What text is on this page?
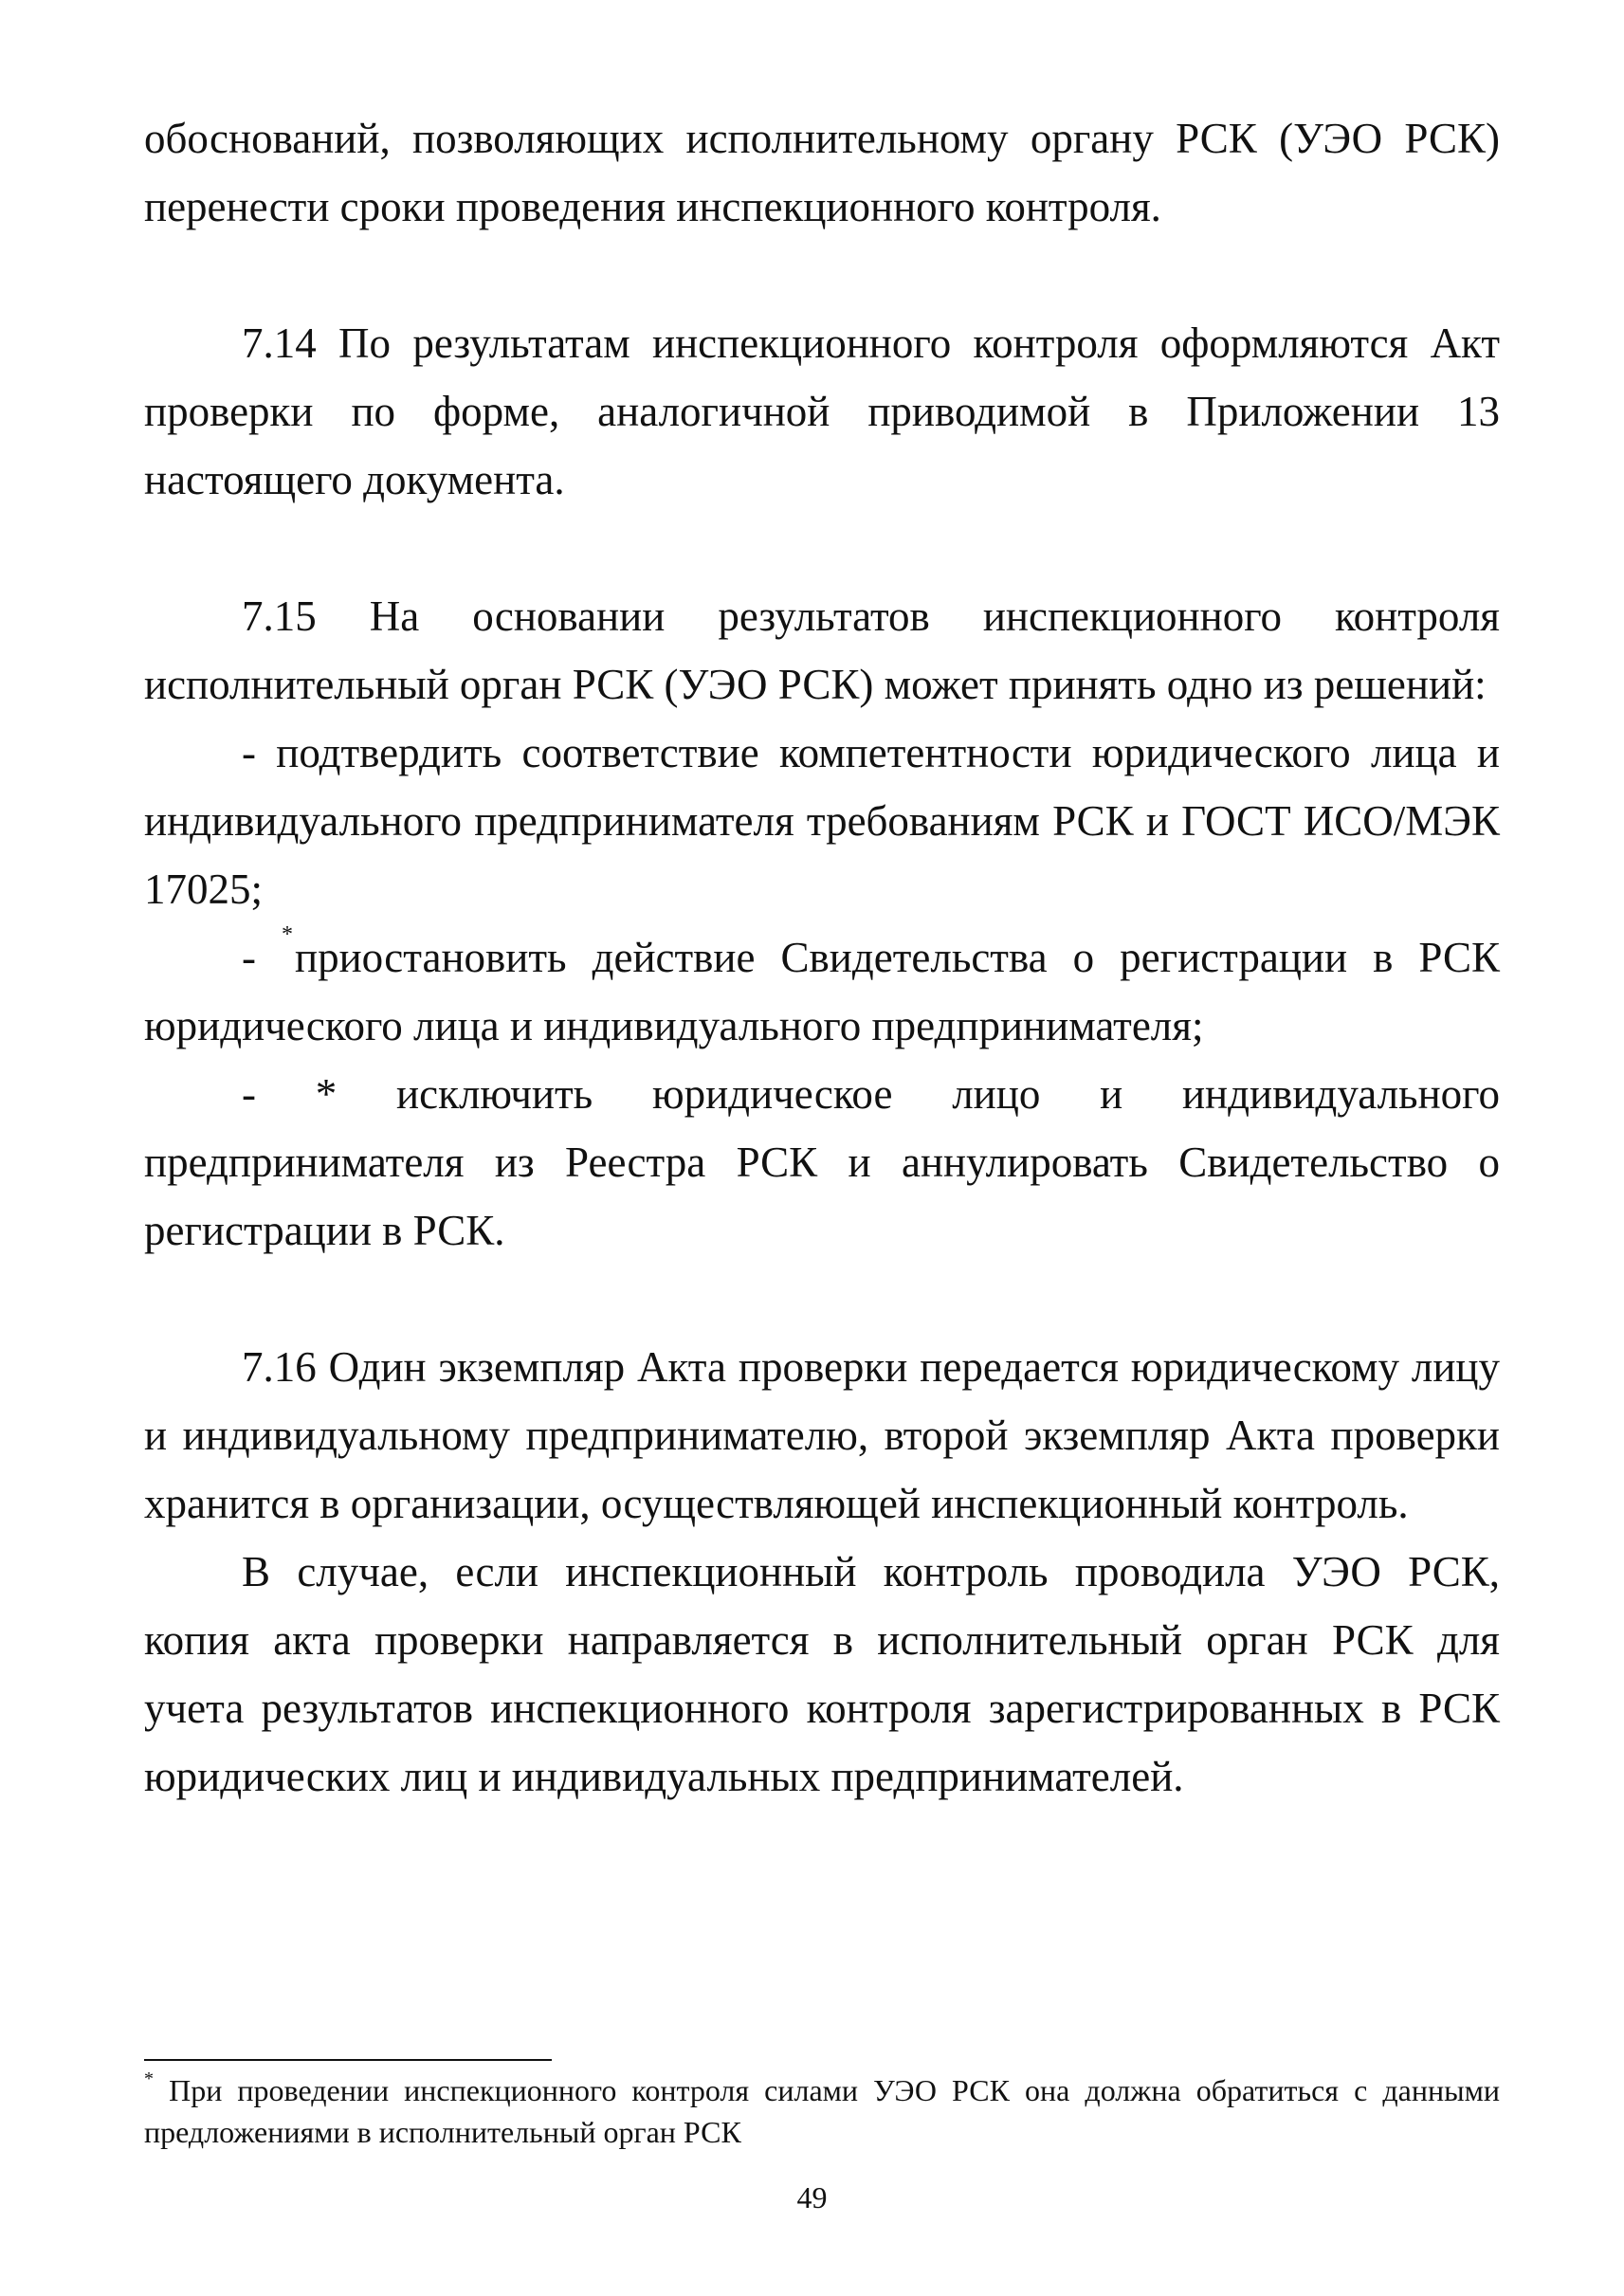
обоснований, позволяющих исполнительному органу РСК (УЭО РСК) перенести сроки проведения инспекционного контроля.

7.14 По результатам инспекционного контроля оформляются Акт проверки по форме, аналогичной приводимой в Приложении 13 настоящего документа.

7.15 На основании результатов инспекционного контроля исполнительный орган РСК (УЭО РСК) может принять одно из решений:

- подтвердить соответствие компетентности юридического лица и индивидуального предпринимателя требованиям РСК и ГОСТ ИСО/МЭК 17025;

- *приостановить действие Свидетельства о регистрации в РСК юридического лица и индивидуального предпринимателя;

- * исключить юридическое лицо и индивидуального предпринимателя из Реестра РСК и аннулировать Свидетельство о регистрации в РСК.

7.16 Один экземпляр Акта проверки передается юридическому лицу и индивидуальному предпринимателю, второй экземпляр Акта проверки хранится в организации, осуществляющей инспекционный контроль.

В случае, если инспекционный контроль проводила УЭО РСК, копия акта проверки направляется в исполнительный орган РСК для учета результатов инспекционного контроля зарегистрированных в РСК юридических лиц и индивидуальных предпринимателей.

* При проведении инспекционного контроля силами УЭО РСК она должна обратиться с данными предложениями в исполнительный орган РСК
49
